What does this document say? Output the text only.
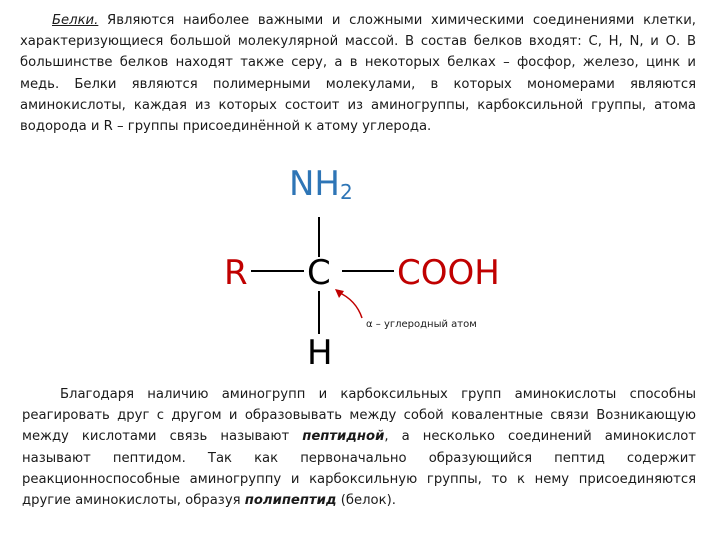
Белки. Являются наиболее важными и сложными химическими соединениями клетки, характеризующиеся большой молекулярной массой. В состав белков входят: С, Н, N, и О. В большинстве белков находят также серу, а в некоторых белках – фосфор, железо, цинк и медь. Белки являются полимерными молекулами, в которых мономерами являются аминокислоты, каждая из которых состоит из аминогруппы, карбоксильной группы, атома водорода и R – группы присоединённой к атому углерода.
$NH_2$
R C COOH
H
α – углеродный атом
Благодаря наличию аминогрупп и карбоксильных групп аминокислоты способны реагировать друг с другом и образовывать между собой ковалентные связи Возникающую между кислотами связь называют пептидной, а несколько соединений аминокислот называют пептидом. Так как первоначально образующийся пептид содержит реакционноспособные аминогруппу и карбоксильную группы, то к нему присоединяются другие аминокислоты, образуя полипептид (белок).
